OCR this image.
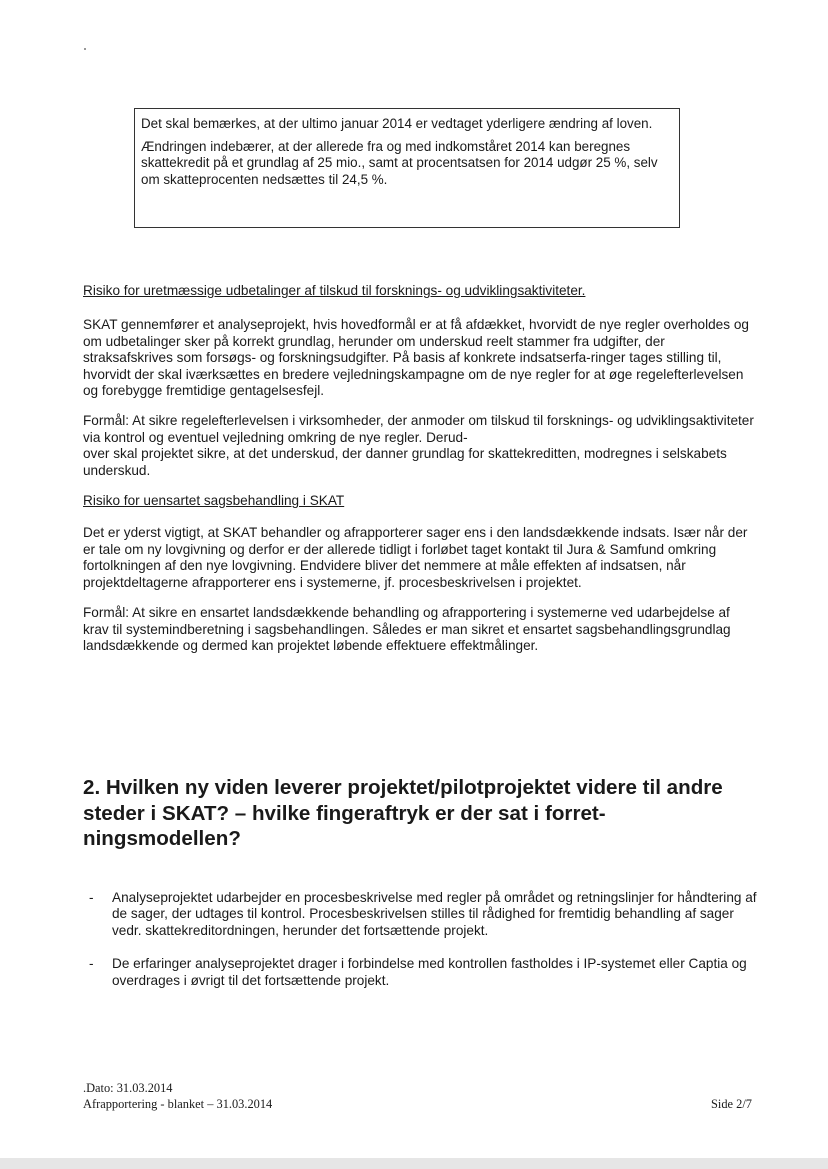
Det skal bemærkes, at der ultimo januar 2014 er vedtaget yderligere ændring af loven.

Ændringen indebærer, at der allerede fra og med indkomståret 2014 kan beregnes skattekredit på et grundlag af 25 mio., samt at procentsatsen for 2014 udgør 25 %, selv om skatteprocenten nedsættes til 24,5 %.

Risiko for uretmæssige udbetalinger af tilskud til forsknings- og udviklingsaktiviteter.

SKAT gennemfører et analyseprojekt, hvis hovedformål er at få afdækket, hvorvidt de nye regler overholdes og om udbetalinger sker på korrekt grundlag, herunder om underskud reelt stammer fra udgifter, der straksafskrives som forsøgs- og forskningsudgifter. På basis af konkrete indsatserfa-ringer tages stilling til, hvorvidt der skal iværksættes en bredere vejledningskampagne om de nye regler for at øge regelefterlevelsen og forebygge fremtidige gentagelsesfejl.

Formål: At sikre regelefterlevelsen i virksomheder, der anmoder om tilskud til forsknings- og udviklingsaktiviteter via kontrol og eventuel vejledning omkring de nye regler. Derud-

over skal projektet sikre, at det underskud, der danner grundlag for skattekreditten, modregnes i selskabets underskud.

Risiko for uensartet sagsbehandling i SKAT

Det er yderst vigtigt, at SKAT behandler og afrapporterer sager ens i den landsdækkende indsats. Især når der er tale om ny lovgivning og derfor er der allerede tidligt i forløbet taget kontakt til Jura & Samfund omkring fortolkningen af den nye lovgivning. Endvidere bliver det nemmere at måle effekten af indsatsen, når projektdeltagerne afrapporterer ens i systemerne, jf. procesbeskrivelsen i projektet.

Formål: At sikre en ensartet landsdækkende behandling og afrapportering i systemerne ved udarbejdelse af krav til systemindberetning i sagsbehandlingen. Således er man sikret et ensartet sagsbehandlingsgrundlag landsdækkende og dermed kan projektet løbende effektuere effektmålinger.

2. Hvilken ny viden leverer projektet/pilotprojektet videre til andre steder i SKAT? – hvilke fingeraftryk er der sat i forret-ningsmodellen?
- Analyseprojektet udarbejder en procesbeskrivelse med regler på området og retningslinjer for håndtering af de sager, der udtages til kontrol. Procesbeskrivelsen stilles til rådighed for fremtidig behandling af sager vedr. skattekreditordningen, herunder det fortsættende projekt.
- De erfaringer analyseprojektet drager i forbindelse med kontrollen fastholdes i IP-systemet eller Captia og overdrages i øvrigt til det fortsættende projekt.
.Dato: 31.03.2014
Afrapportering - blanket – 31.03.2014	Side 2/7
